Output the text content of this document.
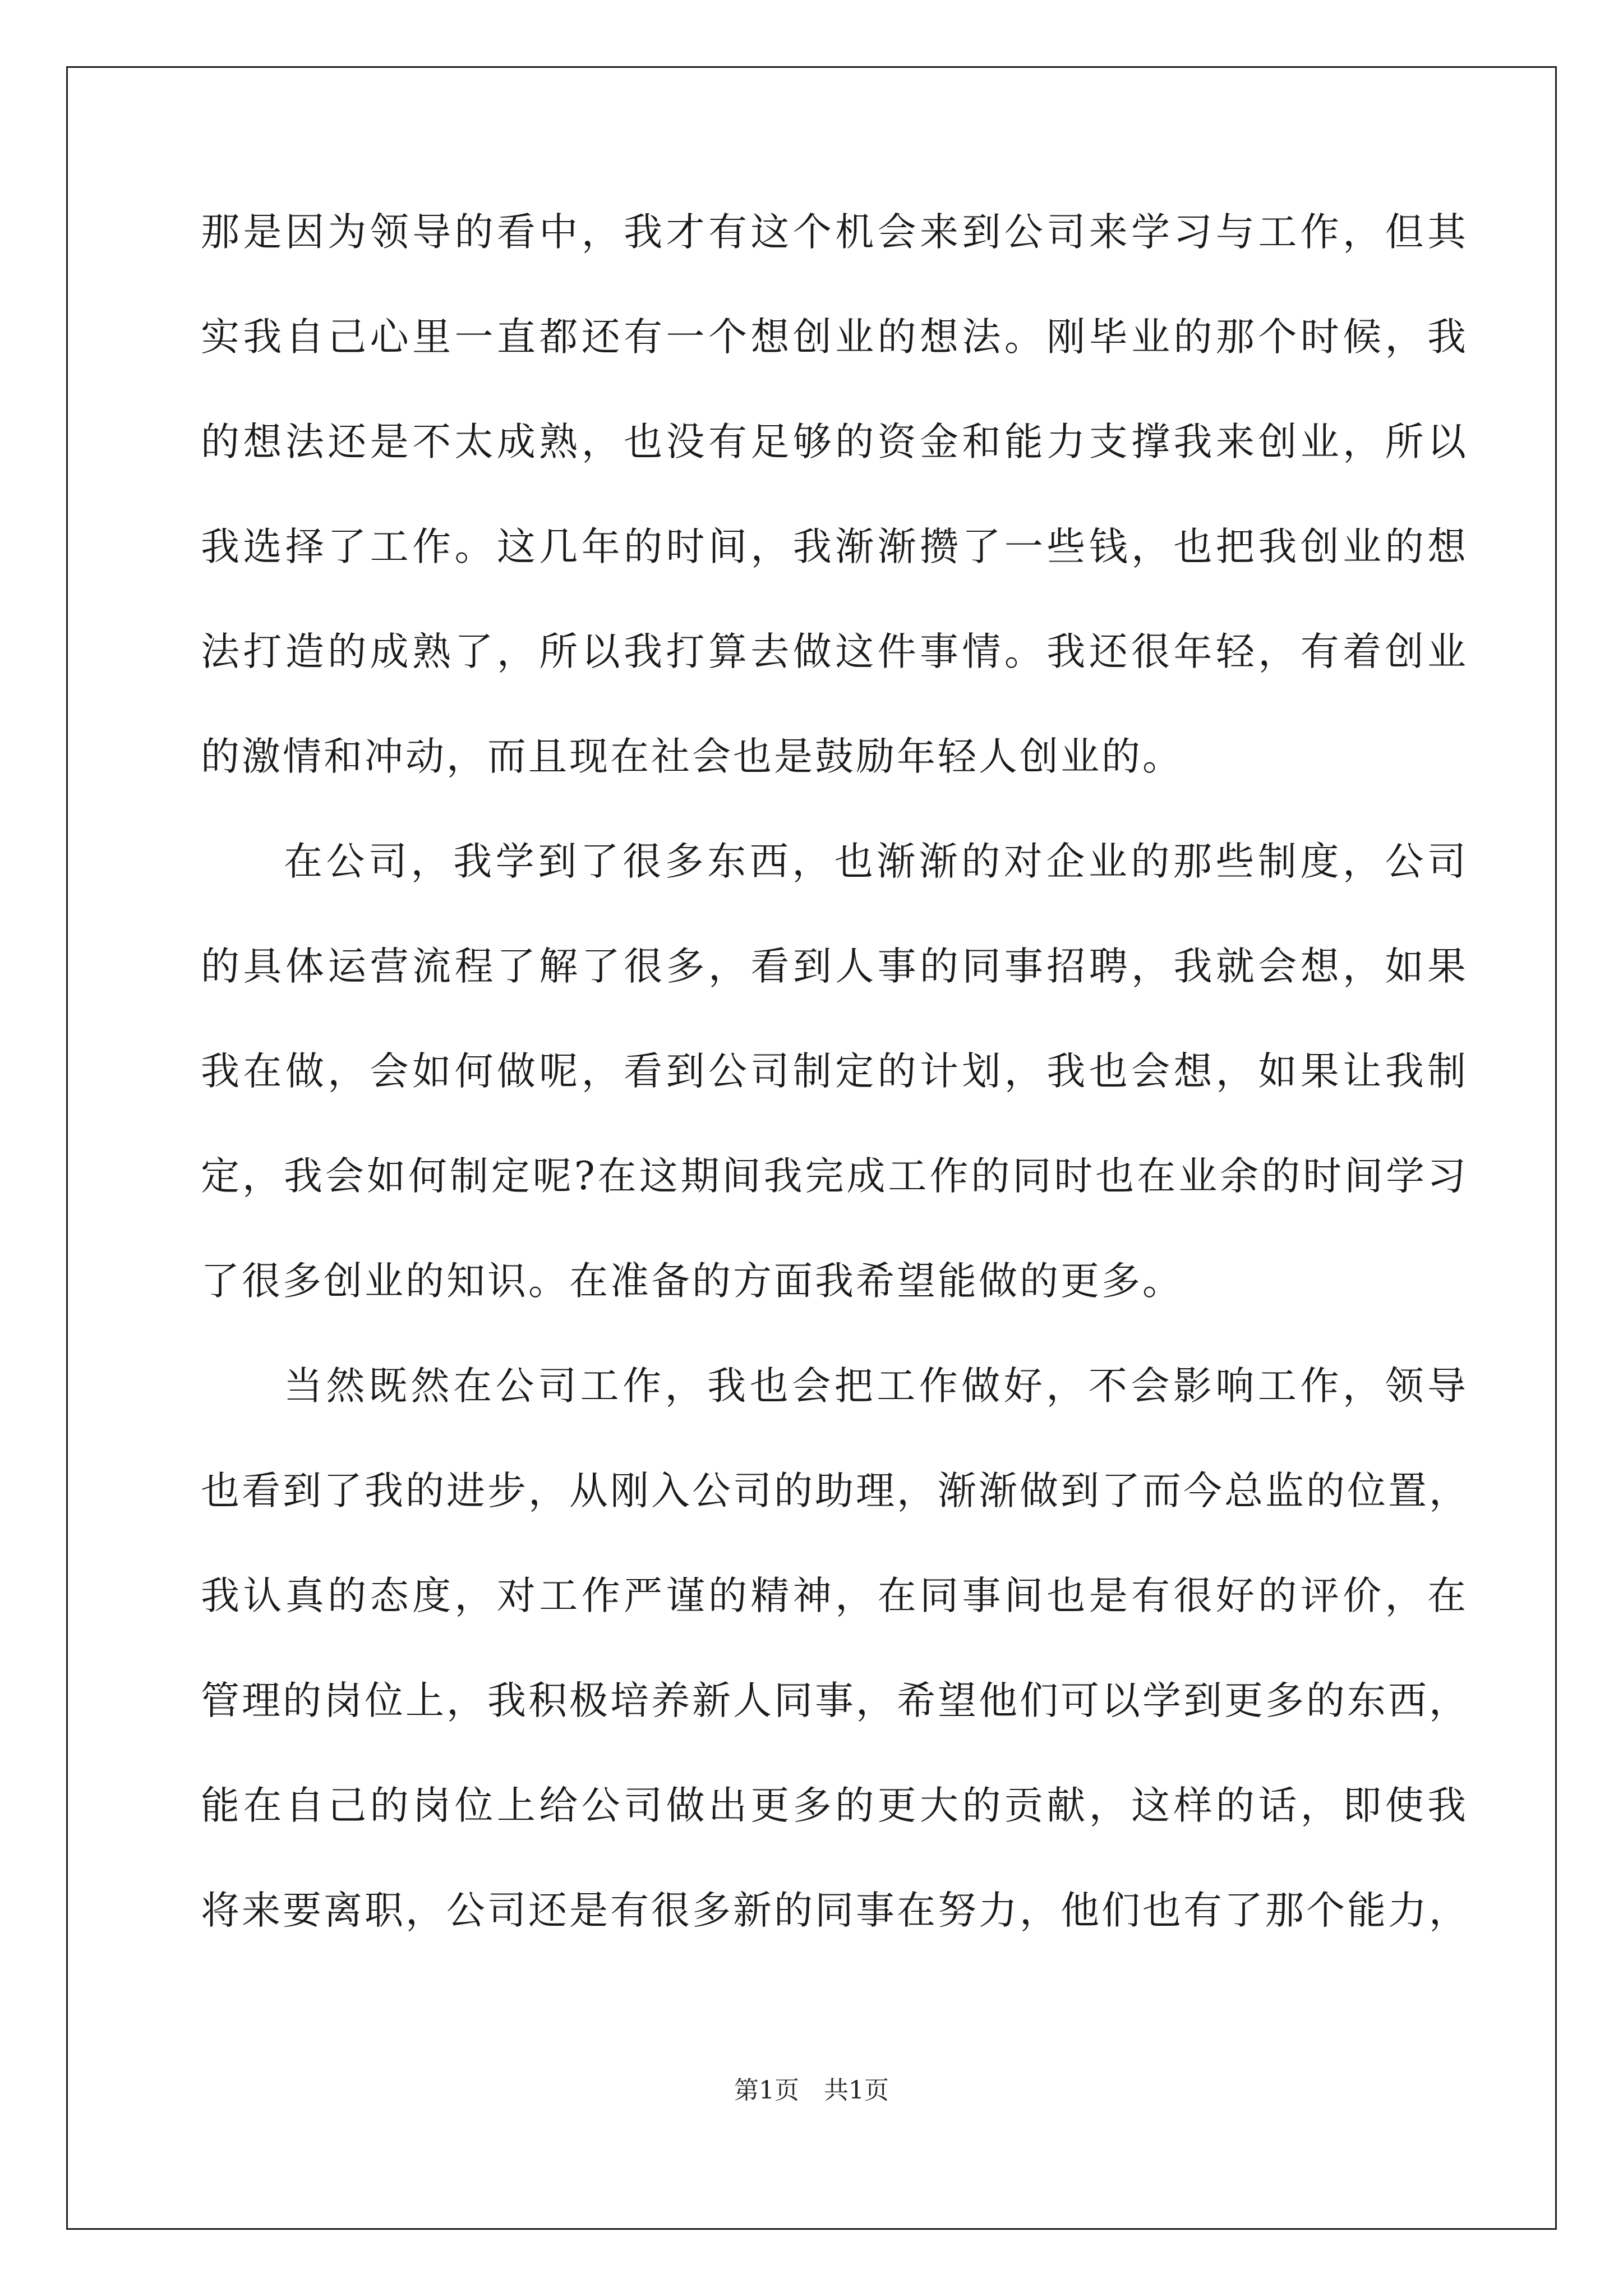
那是因为领导的看中，我才有这个机会来到公司来学习与工作，但其
实我自己心里一直都还有一个想创业的想法。刚毕业的那个时候，我
的想法还是不太成熟，也没有足够的资金和能力支撑我来创业，所以
我选择了工作。这几年的时间，我渐渐攒了一些钱，也把我创业的想
法打造的成熟了，所以我打算去做这件事情。我还很年轻，有着创业
的激情和冲动，而且现在社会也是鼓励年轻人创业的。
在公司，我学到了很多东西，也渐渐的对企业的那些制度，公司
的具体运营流程了解了很多，看到人事的同事招聘，我就会想，如果
我在做，会如何做呢，看到公司制定的计划，我也会想，如果让我制
定，我会如何制定呢?在这期间我完成工作的同时也在业余的时间学习
了很多创业的知识。在准备的方面我希望能做的更多。
当然既然在公司工作，我也会把工作做好，不会影响工作，领导
也看到了我的进步，从刚入公司的助理，渐渐做到了而今总监的位置，
我认真的态度，对工作严谨的精神，在同事间也是有很好的评价，在
管理的岗位上，我积极培养新人同事，希望他们可以学到更多的东西，
能在自己的岗位上给公司做出更多的更大的贡献，这样的话，即使我
将来要离职，公司还是有很多新的同事在努力，他们也有了那个能力，
第1页　共1页
